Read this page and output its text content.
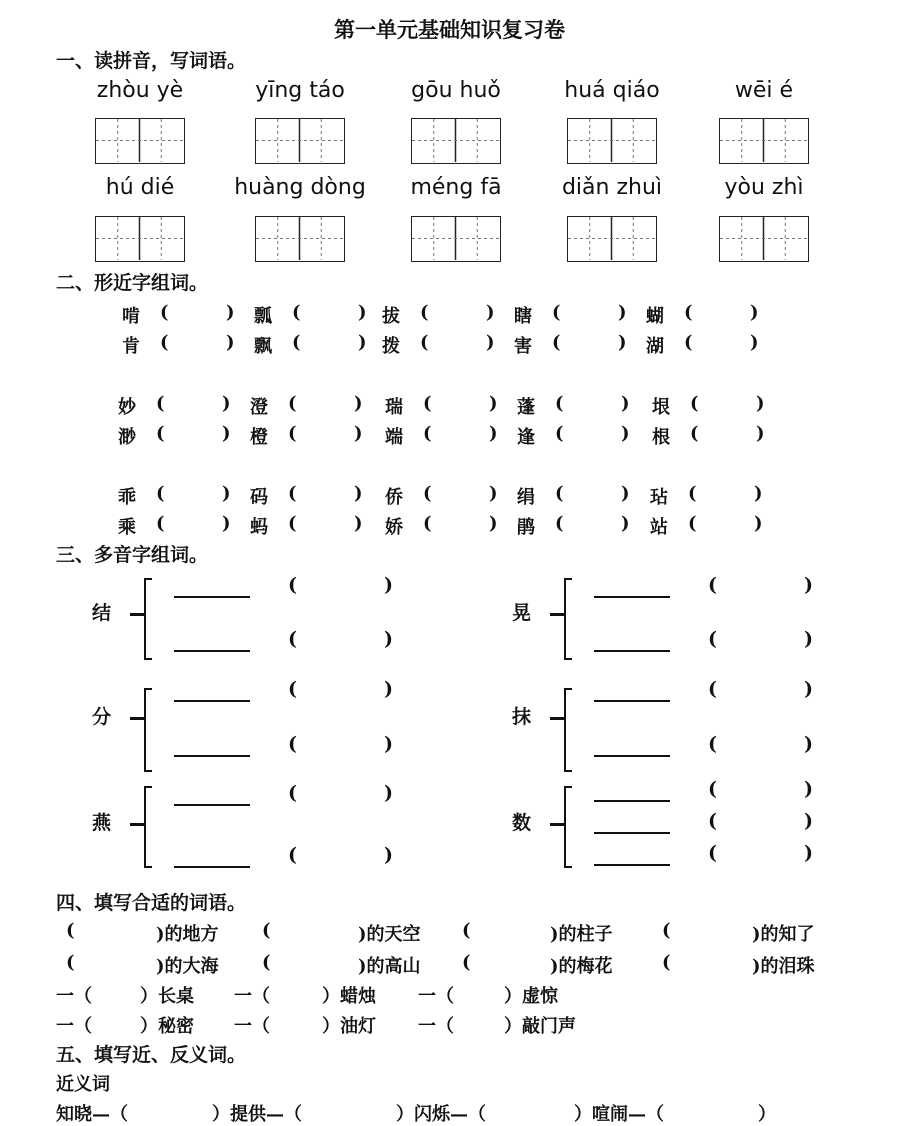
第一单元基础知识复习卷
一、读拼音，写词语。
zhòu yè	yīng táo	gōu huǒ	huá qiáo	wēi é
hú dié	huàng dòng	méng fā	diǎn zhuì	yòu zhì
二、形近字组词。
啃 (	) 瓢 (	) 拔 (	) 瞎 (	) 蝴 (	)
肯 (	) 飘 (	) 拨 (	) 害 (	) 湖 (	)
妙 (	) 澄 (	) 瑞 (	) 蓬 (	) 垠 (	)
渺 (	) 橙 (	) 端 (	) 逢 (	) 根 (	)
乖 (	) 码 (	) 侨 (	) 绢 (	) 玷 (	)
乘 (	) 蚂 (	) 娇 (	) 鹃 (	) 站 (	)
三、多音字组词。
结
(	)
(	)
分
(	)
(	)
燕
(	)
(	)
晃
(	)
(	)
抹
(	)
(	)
数
(	)
(	)
(	)
四、填写合适的词语。
(	)的地方 (	)的天空 (	)的柱子	(	)的知了
(	)的大海 (	)的高山 (	)的梅花	(	)的泪珠
一（	）长桌 一（	）蜡烛 一（	）虚惊
一（	）秘密 一（	）油灯 一（	）敲门声
五、填写近、反义词。
近义词
知晓—（	）提供—（	）闪烁—（	）喧闹—（	）
